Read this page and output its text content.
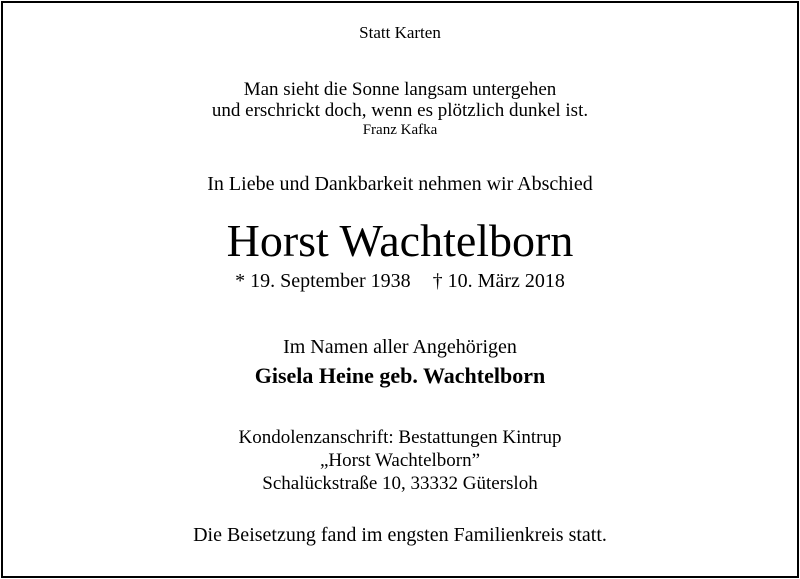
Statt Karten
Man sieht die Sonne langsam untergehen
und erschrickt doch, wenn es plötzlich dunkel ist.
Franz Kafka
In Liebe und Dankbarkeit nehmen wir Abschied
Horst Wachtelborn
* 19. September 1938 † 10. März 2018
Im Namen aller Angehörigen
Gisela Heine geb. Wachtelborn
Kondolenzanschrift: Bestattungen Kintrup
„Horst Wachtelborn”
Schalückstraße 10, 33332 Gütersloh
Die Beisetzung fand im engsten Familienkreis statt.
